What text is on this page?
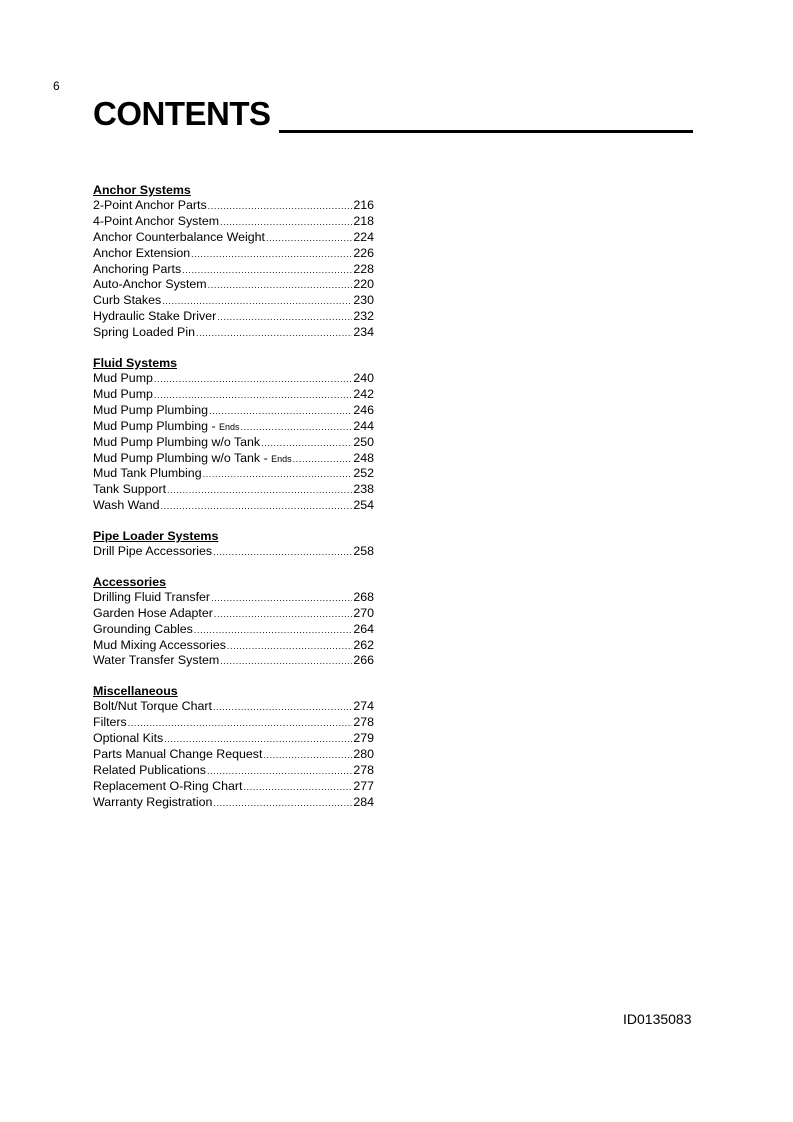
6
CONTENTS
Anchor Systems
2-Point Anchor Parts .....	216
4-Point Anchor System .....	218
Anchor Counterbalance Weight .....	224
Anchor Extension .....	226
Anchoring Parts .....	228
Auto-Anchor System .....	220
Curb Stakes .....	230
Hydraulic Stake Driver .....	232
Spring Loaded Pin .....	234
Fluid Systems
Mud Pump .....	240
Mud Pump .....	242
Mud Pump Plumbing .....	246
Mud Pump Plumbing - Ends .....	244
Mud Pump Plumbing w/o Tank .....	250
Mud Pump Plumbing w/o Tank - Ends .....	248
Mud Tank Plumbing .....	252
Tank Support .....	238
Wash Wand .....	254
Pipe Loader Systems
Drill Pipe Accessories .....	258
Accessories
Drilling Fluid Transfer .....	268
Garden Hose Adapter .....	270
Grounding Cables .....	264
Mud Mixing Accessories .....	262
Water Transfer System .....	266
Miscellaneous
Bolt/Nut Torque Chart .....	274
Filters .....	278
Optional Kits .....	279
Parts Manual Change Request .....	280
Related Publications .....	278
Replacement O-Ring Chart .....	277
Warranty Registration .....	284
ID0135083
